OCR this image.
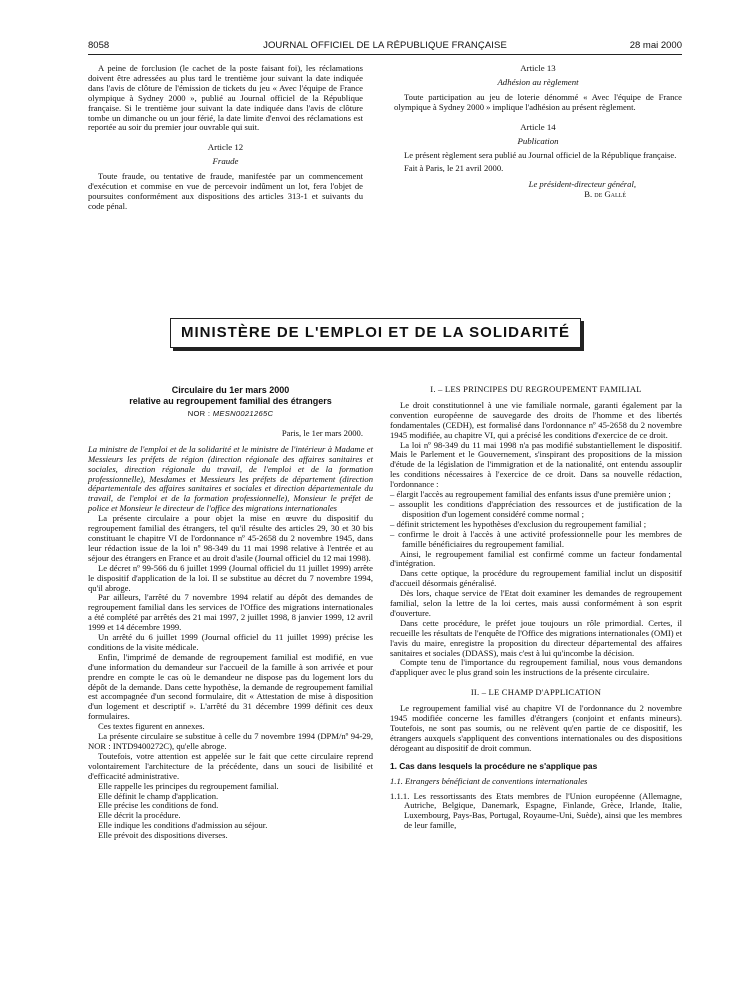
8058	JOURNAL OFFICIEL DE LA RÉPUBLIQUE FRANÇAISE	28 mai 2000

A peine de forclusion (le cachet de la poste faisant foi), les réclamations doivent être adressées au plus tard le trentième jour suivant la date indiquée dans l'avis de clôture de l'émission de tickets du jeu « Avec l'équipe de France olympique à Sydney 2000 », publié au Journal officiel de la République française. Si le trentième jour suivant la date indiquée dans l'avis de clôture tombe un dimanche ou un jour férié, la date limite d'envoi des réclamations est reportée au soir du premier jour ouvrable qui suit.

Article 12
Fraude

Toute fraude, ou tentative de fraude, manifestée par un commencement d'exécution et commise en vue de percevoir indûment un lot, fera l'objet de poursuites conformément aux dispositions des articles 313-1 et suivants du code pénal.

Article 13
Adhésion au règlement

Toute participation au jeu de loterie dénommé « Avec l'équipe de France olympique à Sydney 2000 » implique l'adhésion au présent règlement.

Article 14
Publication

Le présent règlement sera publié au Journal officiel de la République française.

Fait à Paris, le 21 avril 2000.

Le président-directeur général,
B. de Gallé
MINISTÈRE DE L'EMPLOI ET DE LA SOLIDARITÉ
Circulaire du 1er mars 2000
relative au regroupement familial des étrangers
NOR : MESN0021265C
Paris, le 1er mars 2000.

La ministre de l'emploi et de la solidarité et le ministre de l'intérieur à Madame et Messieurs les préfets de région (direction régionale des affaires sanitaires et sociales, direction régionale du travail, de l'emploi et de la formation professionnelle), Mesdames et Messieurs les préfets de département (direction départementale des affaires sanitaires et sociales et direction départementale du travail, de l'emploi et de la formation professionnelle), Monsieur le préfet de police et Monsieur le directeur de l'office des migrations internationales

La présente circulaire a pour objet la mise en œuvre du dispositif du regroupement familial des étrangers, tel qu'il résulte des articles 29, 30 et 30 bis constituant le chapitre VI de l'ordonnance nº 45-2658 du 2 novembre 1945, dans leur rédaction issue de la loi nº 98-349 du 11 mai 1998 relative à l'entrée et au séjour des étrangers en France et au droit d'asile (Journal officiel du 12 mai 1998).

Le décret nº 99-566 du 6 juillet 1999 (Journal officiel du 11 juillet 1999) arrête le dispositif d'application de la loi. Il se substitue au décret du 7 novembre 1994, qu'il abroge.

Par ailleurs, l'arrêté du 7 novembre 1994 relatif au dépôt des demandes de regroupement familial dans les services de l'Office des migrations internationales a été complété par arrêtés des 21 mai 1997, 2 juillet 1998, 8 janvier 1999, 12 avril 1999 et 14 décembre 1999.

Un arrêté du 6 juillet 1999 (Journal officiel du 11 juillet 1999) précise les conditions de la visite médicale.

Enfin, l'imprimé de demande de regroupement familial est modifié, en vue d'une information du demandeur sur l'accueil de la famille à son arrivée et pour prendre en compte le cas où le demandeur ne dispose pas du logement lors du dépôt de la demande. Dans cette hypothèse, la demande de regroupement familial est accompagnée d'un second formulaire, dit « Attestation de mise à disposition d'un logement et descriptif ». L'arrêté du 31 décembre 1999 définit ces deux formulaires.

Ces textes figurent en annexes.

La présente circulaire se substitue à celle du 7 novembre 1994 (DPM/nº 94-29, NOR : INTD9400272C), qu'elle abroge.

Toutefois, votre attention est appelée sur le fait que cette circulaire reprend volontairement l'architecture de la précédente, dans un souci de lisibilité et d'efficacité administrative.

Elle rappelle les principes du regroupement familial.

Elle définit le champ d'application.

Elle précise les conditions de fond.

Elle décrit la procédure.

Elle indique les conditions d'admission au séjour.

Elle prévoit des dispositions diverses.

I. – LES PRINCIPES DU REGROUPEMENT FAMILIAL

Le droit constitutionnel à une vie familiale normale, garanti également par la convention européenne de sauvegarde des droits de l'homme et des libertés fondamentales (CEDH), est formalisé dans l'ordonnance nº 45-2658 du 2 novembre 1945 modifiée, au chapitre VI, qui a précisé les conditions d'exercice de ce droit.

La loi nº 98-349 du 11 mai 1998 n'a pas modifié substantiellement le dispositif. Mais le Parlement et le Gouvernement, s'inspirant des propositions de la mission d'étude de la législation de l'immigration et de la nationalité, ont entendu assouplir les conditions nécessaires à l'exercice de ce droit. Dans sa nouvelle rédaction, l'ordonnance :

– élargit l'accès au regroupement familial des enfants issus d'une première union ;
– assouplit les conditions d'appréciation des ressources et de justification de la disposition d'un logement considéré comme normal ;
– définit strictement les hypothèses d'exclusion du regroupement familial ;
– confirme le droit à l'accès à une activité professionnelle pour les membres de famille bénéficiaires du regroupement familial.

Ainsi, le regroupement familial est confirmé comme un facteur fondamental d'intégration.

Dans cette optique, la procédure du regroupement familial inclut un dispositif d'accueil désormais généralisé.

Dès lors, chaque service de l'Etat doit examiner les demandes de regroupement familial, selon la lettre de la loi certes, mais aussi conformément à son esprit d'ouverture.

Dans cette procédure, le préfet joue toujours un rôle primordial. Certes, il recueille les résultats de l'enquête de l'Office des migrations internationales (OMI) et l'avis du maire, enregistre la proposition du directeur départemental des affaires sanitaires et sociales (DDASS), mais c'est à lui qu'incombe la décision.

Compte tenu de l'importance du regroupement familial, nous vous demandons d'appliquer avec le plus grand soin les instructions de la présente circulaire.

II. – LE CHAMP D'APPLICATION

Le regroupement familial visé au chapitre VI de l'ordonnance du 2 novembre 1945 modifiée concerne les familles d'étrangers (conjoint et enfants mineurs). Toutefois, ne sont pas soumis, ou ne relèvent qu'en partie de ce dispositif, les étrangers auxquels s'appliquent des conventions internationales ou des dispositions dérogeant au dispositif de droit commun.

1. Cas dans lesquels la procédure ne s'applique pas
1.1. Etrangers bénéficiant de conventions internationales

1.1.1. Les ressortissants des Etats membres de l'Union européenne (Allemagne, Autriche, Belgique, Danemark, Espagne, Finlande, Grèce, Irlande, Italie, Luxembourg, Pays-Bas, Portugal, Royaume-Uni, Suède), ainsi que les membres de leur famille,
